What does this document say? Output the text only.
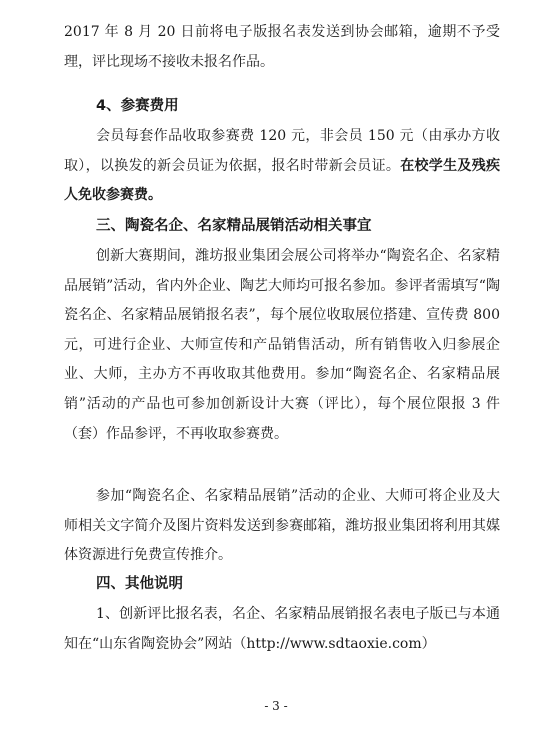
2017 年 8 月 20 日前将电子版报名表发送到协会邮箱，逾期不予受理，评比现场不接收未报名作品。

4、参赛费用

会员每套作品收取参赛费 120 元，非会员 150 元（由承办方收取），以换发的新会员证为依据，报名时带新会员证。在校学生及残疾人免收参赛费。

三、陶瓷名企、名家精品展销活动相关事宜

创新大赛期间，潍坊报业集团会展公司将举办“陶瓷名企、名家精品展销”活动，省内外企业、陶艺大师均可报名参加。参评者需填写“陶瓷名企、名家精品展销报名表”，每个展位收取展位搭建、宣传费 800 元，可进行企业、大师宣传和产品销售活动，所有销售收入归参展企业、大师，主办方不再收取其他费用。参加“陶瓷名企、名家精品展销”活动的产品也可参加创新设计大赛（评比），每个展位限报 3 件（套）作品参评，不再收取参赛费。

参加“陶瓷名企、名家精品展销”活动的企业、大师可将企业及大师相关文字简介及图片资料发送到参赛邮箱，潍坊报业集团将利用其媒体资源进行免费宣传推介。

四、其他说明

1、创新评比报名表，名企、名家精品展销报名表电子版已与本通知在“山东省陶瓷协会”网站（http://www.sdtaoxie.com）

- 3 -
